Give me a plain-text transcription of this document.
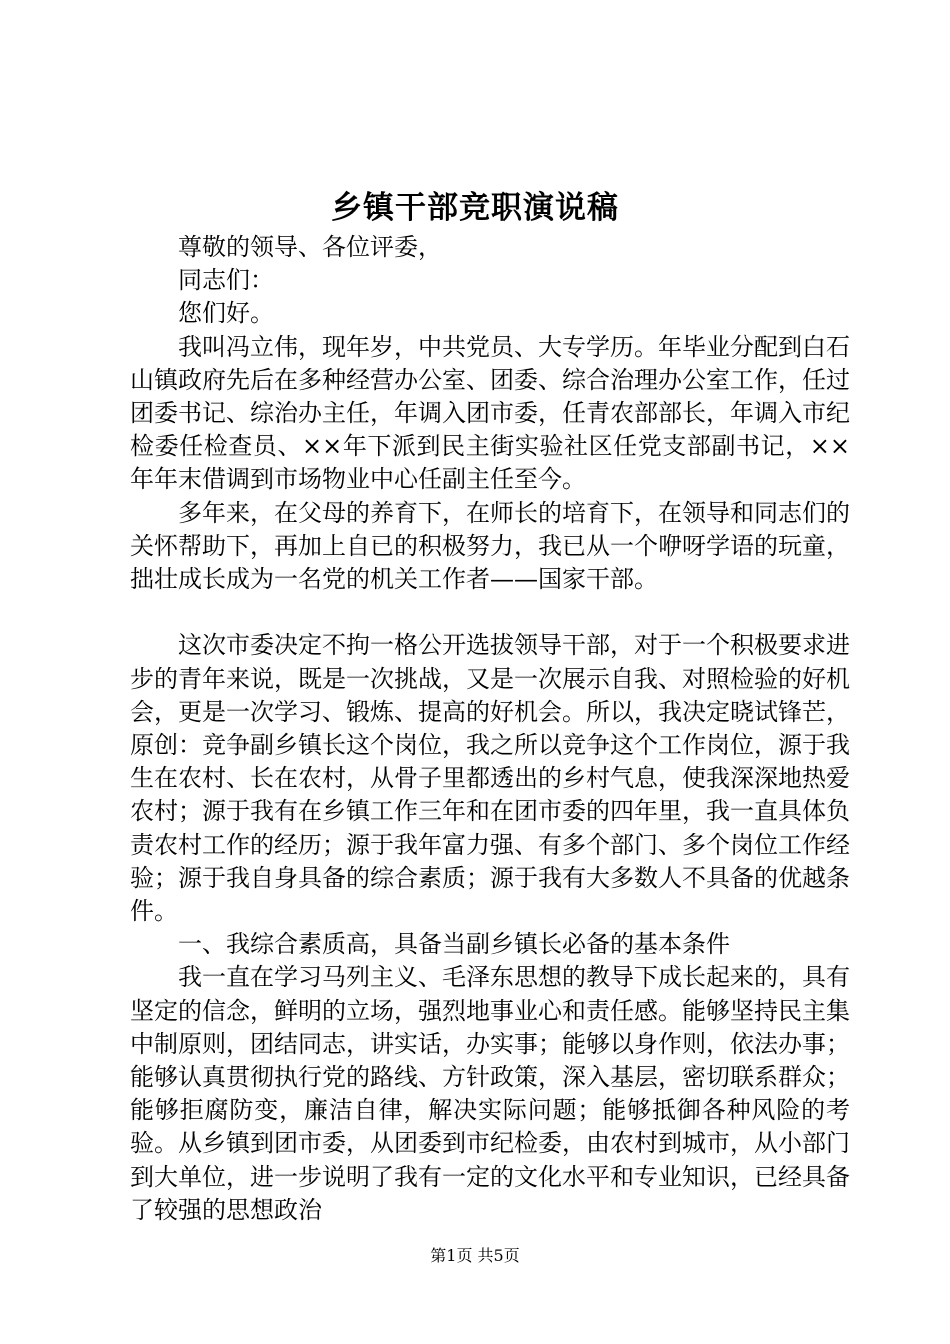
乡镇干部竞职演说稿

尊敬的领导、各位评委，

同志们：

您们好。

我叫冯立伟，现年岁，中共党员、大专学历。年毕业分配到白石山镇政府先后在多种经营办公室、团委、综合治理办公室工作，任过团委书记、综治办主任，年调入团市委，任青农部部长，年调入市纪检委任检查员、××年下派到民主街实验社区任党支部副书记，××年年末借调到市场物业中心任副主任至今。

多年来，在父母的养育下，在师长的培育下，在领导和同志们的关怀帮助下，再加上自已的积极努力，我已从一个咿呀学语的玩童，拙壮成长成为一名党的机关工作者——国家干部。

这次市委决定不拘一格公开选拔领导干部，对于一个积极要求进步的青年来说，既是一次挑战，又是一次展示自我、对照检验的好机会，更是一次学习、锻炼、提高的好机会。所以，我决定晓试锋芒，原创：竞争副乡镇长这个岗位，我之所以竞争这个工作岗位，源于我生在农村、长在农村，从骨子里都透出的乡村气息，使我深深地热爱农村；源于我有在乡镇工作三年和在团市委的四年里，我一直具体负责农村工作的经历；源于我年富力强、有多个部门、多个岗位工作经验；源于我自身具备的综合素质；源于我有大多数人不具备的优越条件。

一、我综合素质高，具备当副乡镇长必备的基本条件

我一直在学习马列主义、毛泽东思想的教导下成长起来的，具有坚定的信念，鲜明的立场，强烈地事业心和责任感。能够坚持民主集中制原则，团结同志，讲实话，办实事；能够以身作则，依法办事；能够认真贯彻执行党的路线、方针政策，深入基层，密切联系群众；能够拒腐防变，廉洁自律，解决实际问题；能够抵御各种风险的考验。从乡镇到团市委，从团委到市纪检委，由农村到城市，从小部门到大单位，进一步说明了我有一定的文化水平和专业知识，已经具备了较强的思想政治

第1页 共5页
